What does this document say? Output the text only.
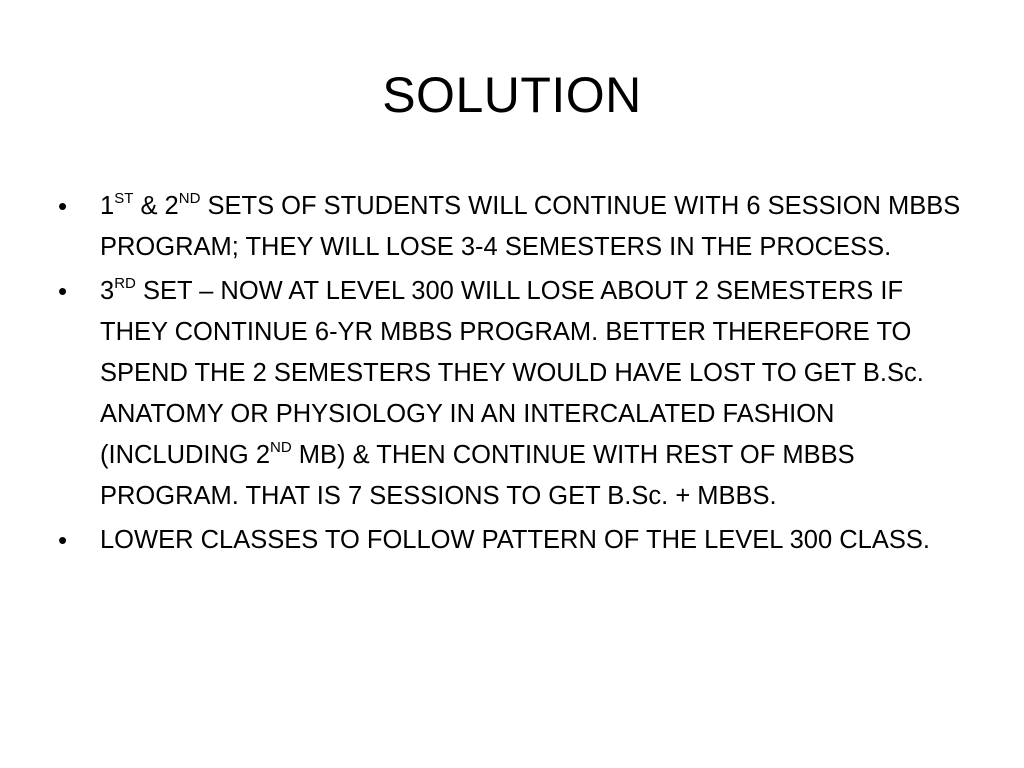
SOLUTION
•	1ST & 2ND SETS OF STUDENTS WILL CONTINUE WITH 6 SESSION MBBS PROGRAM; THEY WILL LOSE 3-4 SEMESTERS IN THE PROCESS.
•	3RD SET – NOW AT LEVEL 300 WILL LOSE ABOUT 2 SEMESTERS IF THEY CONTINUE 6-YR MBBS PROGRAM. BETTER THEREFORE TO SPEND THE 2 SEMESTERS THEY WOULD HAVE LOST TO GET B.Sc. ANATOMY OR PHYSIOLOGY IN AN INTERCALATED FASHION (INCLUDING 2ND MB) & THEN CONTINUE WITH REST OF MBBS PROGRAM. THAT IS 7 SESSIONS TO GET B.Sc. + MBBS.
•	LOWER CLASSES TO FOLLOW PATTERN OF THE LEVEL 300 CLASS.
